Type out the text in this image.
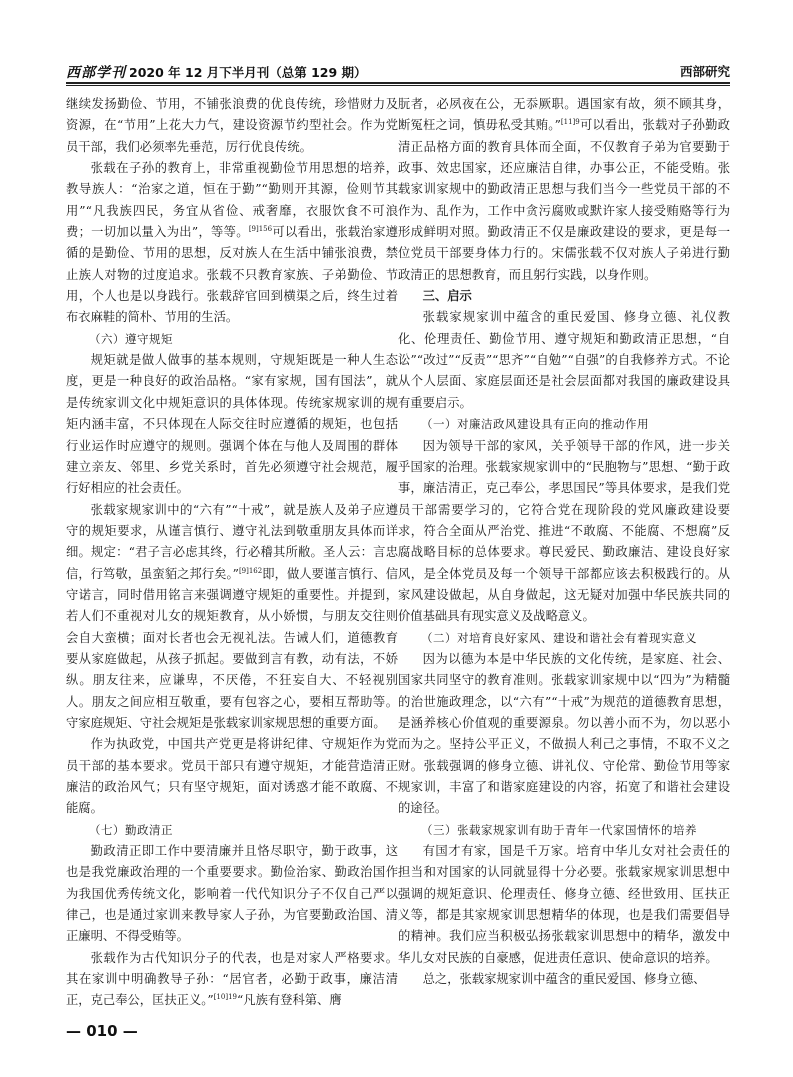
西部学刊 2020 年 12 月下半月刊（总第 129 期）	西部研究

继续发扬勤俭、节用，不铺张浪费的优良传统，珍惜财力及资源，在“节用”上花大力气，建设资源节约型社会。作为党员干部，我们必须率先垂范，厉行优良传统。

张载在子孙的教育上，非常重视勤俭节用思想的培养，教导族人：“治家之道，恒在于勤”“勤则开其源，俭则节其用”“凡我族四民，务宜从省俭、戒奢靡，衣服饮食不可浪费；一切加以量入为出”，等等。$^{[9]156}$可以看出，张载治家遵循的是勤俭、节用的思想，反对族人在生活中铺张浪费，禁止族人对物的过度追求。张载不只教育家族、子弟勤俭、节用，个人也是以身践行。张载辞官回到横渠之后，终生过着布衣麻鞋的简朴、节用的生活。

（六）遵守规矩

规矩就是做人做事的基本规则，守规矩既是一种人生态度，更是一种良好的政治品格。“家有家规，国有国法”，就是传统家训文化中规矩意识的具体体现。传统家规家训的规矩内涵丰富，不只体现在人际交往时应遵循的规矩，也包括行业运作时应遵守的规则。强调个体在与他人及周围的群体建立亲友、邻里、乡党关系时，首先必须遵守社会规范，履行好相应的社会责任。

张载家规家训中的“六有”“十戒”，就是族人及弟子应遵守的规矩要求，从谨言慎行、遵守礼法到敬重朋友具体而详细。规定：“君子言必虑其终，行必稽其所敝。圣人云：言忠信，行笃敬，虽蛮貊之邦行矣。”$^{[9]162}$即，做人要谨言慎行、信守诺言，同时借用铭言来强调遵守规矩的重要性。并提到，若人们不重视对儿女的规矩教育，从小娇惯，与朋友交往则会自大蛮横；面对长者也会无视礼法。告诫人们，道德教育要从家庭做起，从孩子抓起。要做到言有教，动有法，不娇纵。朋友往来，应谦卑，不厌倦，不狂妄自大、不轻视别人。朋友之间应相互敬重，要有包容之心，要相互帮助等。守家庭规矩、守社会规矩是张载家训家规思想的重要方面。

作为执政党，中国共产党更是将讲纪律、守规矩作为党员干部的基本要求。党员干部只有遵守规矩，才能营造清正廉洁的政治风气；只有坚守规矩，面对诱惑才能不敢腐、不能腐。

（七）勤政清正

勤政清正即工作中要清廉并且恪尽职守，勤于政事，这也是我党廉政治理的一个重要要求。勤俭治家、勤政治国作为我国优秀传统文化，影响着一代代知识分子不仅自己严以律己，也是通过家训来教导家人子孙，为官要勤政治国、清正廉明、不得受贿等。

张载作为古代知识分子的代表，也是对家人严格要求。其在家训中明确教导子孙：“居官者，必勤于政事，廉洁清正，克己奉公，匡扶正义。”$^{[10]19}$“凡族有登科第、膺

朊者，必夙夜在公，无忝厥职。遇国家有故，须不顾其身，断冤枉之词，慎毋私受其贿。”$^{[11]9}$可以看出，张载对子孙勤政清正品格方面的教育具体而全面，不仅教育子弟为官要勤于政事、效忠国家，还应廉洁自律，办事公正，不能受贿。张载家训家规中的勤政清正思想与我们当今一些党员干部的不作为、乱作为，工作中贪污腐败或默许家人接受贿赂等行为形成鲜明对照。勤政清正不仅是廉政建设的要求，更是每一位党员干部要身体力行的。宋儒张载不仅对族人子弟进行勤政清正的思想教育，而且躬行实践，以身作则。

三、启示

张载家规家训中蕴含的重民爱国、修身立德、礼仪教化、伦理责任、勤俭节用、遵守规矩和勤政清正思想，“自讼”“改过”“反责”“思齐”“自勉”“自强”的自我修养方式。不论从个人层面、家庭层面还是社会层面都对我国的廉政建设具有重要启示。

（一）对廉洁政风建设具有正向的推动作用

因为领导干部的家风，关乎领导干部的作风，进一步关乎国家的治理。张载家规家训中的“民胞物与”思想、“勤于政事，廉洁清正，克己奉公，孝思国民”等具体要求，是我们党员干部需要学习的，它符合党在现阶段的党风廉政建设要求，符合全面从严治党、推进“不敢腐、不能腐、不想腐”反腐战略目标的总体要求。尊民爱民、勤政廉洁、建设良好家风，是全体党员及每一个领导干部都应该去积极践行的。从家风建设做起，从自身做起，这无疑对加强中华民族共同的价值基础具有现实意义及战略意义。

（二）对培育良好家风、建设和谐社会有着现实意义

因为以德为本是中华民族的文化传统，是家庭、社会、国家共同坚守的教育准则。张载家训家规中以“四为”为精髓的治世施政理念，以“六有”“十戒”为规范的道德教育思想，是涵养核心价值观的重要源泉。勿以善小而不为，勿以恶小而为之。坚持公平正义，不做损人利己之事情，不取不义之财。张载强调的修身立德、讲礼仪、守伦常、勤俭节用等家规家训，丰富了和谐家庭建设的内容，拓宽了和谐社会建设的途径。

（三）张载家规家训有助于青年一代家国情怀的培养

有国才有家，国是千万家。培育中华儿女对社会责任的担当和对国家的认同就显得十分必要。张载家规家训思想中强调的规矩意识、伦理责任、修身立德、经世致用、匡扶正义等，都是其家规家训思想精华的体现，也是我们需要倡导的精神。我们应当积极弘扬张载家训思想中的精华，激发中华儿女对民族的自豪感，促进责任意识、使命意识的培养。

总之，张载家规家训中蕴含的重民爱国、修身立德、

— 010 —
